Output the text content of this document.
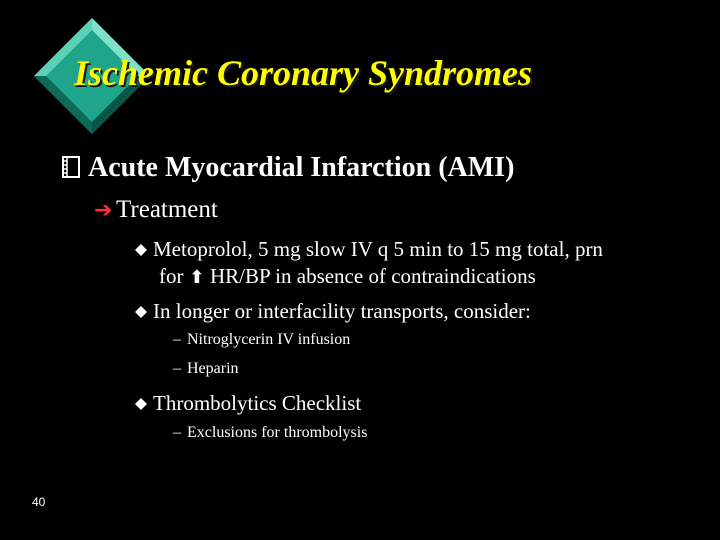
Ischemic Coronary Syndromes
Acute Myocardial Infarction (AMI)
➔ Treatment
Metoprolol, 5 mg slow IV q 5 min to 15 mg total, prn
for ⬆ HR/BP in absence of contraindications
In longer or interfacility transports, consider:
– Nitroglycerin IV infusion
– Heparin
Thrombolytics Checklist
– Exclusions for thrombolysis
40
